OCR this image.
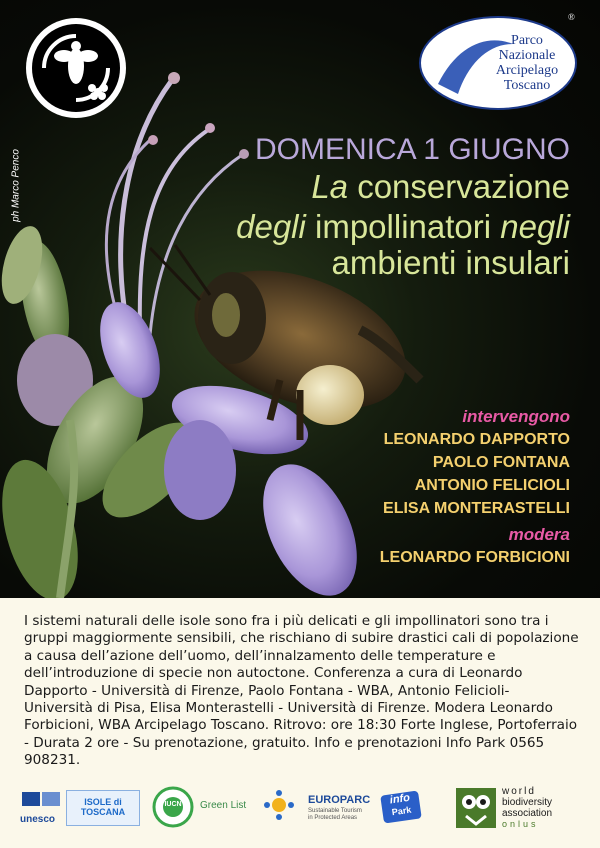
®
Parco
Nazionale
Arcipelago
Toscano
ph Marco Penco	DOMENICA 1 GIUGNO
La conservazione
degli impollinatori negli
ambienti insulari
intervengono
LEONARDO DAPPORTO
PAOLO FONTANA
ANTONIO FELICIOLI
ELISA MONTERASTELLI
modera
LEONARDO FORBICIONI

I sistemi naturali delle isole sono fra i più delicati e gli impollinatori sono tra i gruppi maggiormente sensibili, che rischiano di subire drastici cali di popolazione a causa dell’azione dell’uomo, dell’innalzamento delle temperature e dell’introduzione di specie non autoctone. Conferenza a cura di Leonardo Dapporto - Università di Firenze, Paolo Fontana - WBA, Antonio Felicioli- Università di Pisa, Elisa Monterastelli - Università di Firenze. Modera Leonardo Forbicioni, WBA Arcipelago Toscano. Ritrovo: ore 18:30 Forte Inglese, Portoferraio - Durata 2 ore - Su prenotazione, gratuito. Info e prenotazioni Info Park 0565 908231.

unesco
ISOLE di
TOSCANA
IUCN	Green List	EUROPARC
Sustainable Tourism
in Protected Areas
info
Park
world
biodiversity
association
onlus
